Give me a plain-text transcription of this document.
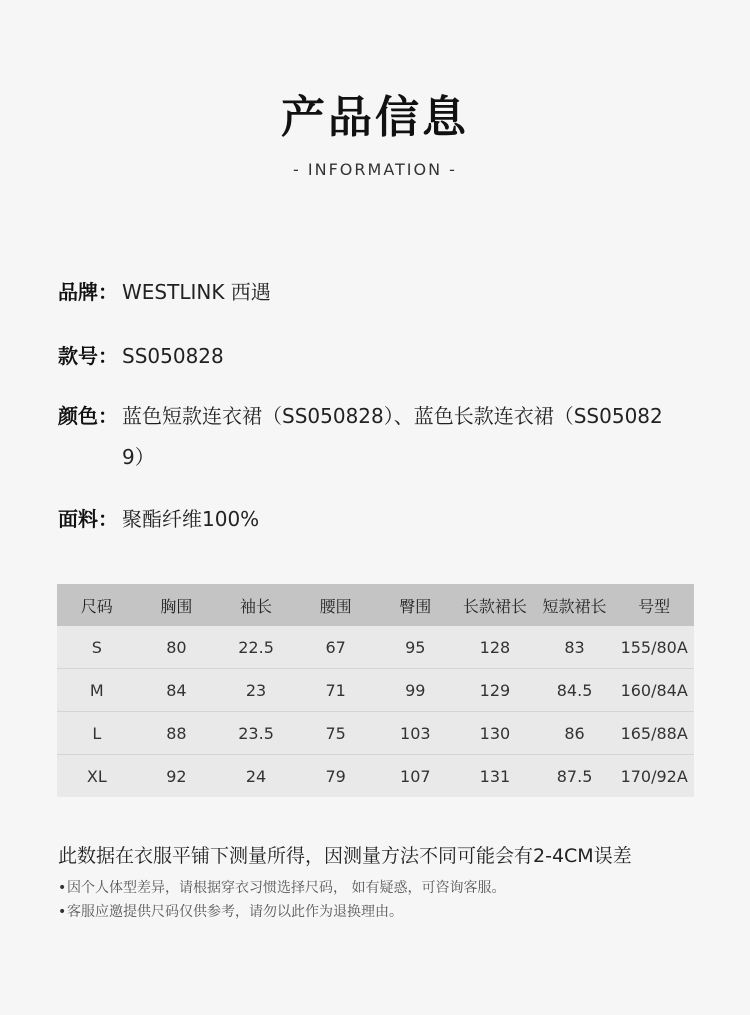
产品信息
- INFORMATION -
品牌： WESTLINK 西遇
款号： SS050828
颜色： 蓝色短款连衣裙（SS050828）、蓝色长款连衣裙（SS050829）
面料： 聚酯纤维100%
尺码	胸围	袖长	腰围	臀围	长款裙长	短款裙长	号型
S	80	22.5	67	95	128	83	155/80A
M	84	23	71	99	129	84.5	160/84A
L	88	23.5	75	103	130	86	165/88A
XL	92	24	79	107	131	87.5	170/92A
此数据在衣服平铺下测量所得，因测量方法不同可能会有2-4CM误差
• 因个人体型差异，请根据穿衣习惯选择尺码， 如有疑惑，可咨询客服。
• 客服应邀提供尺码仅供参考，请勿以此作为退换理由。
